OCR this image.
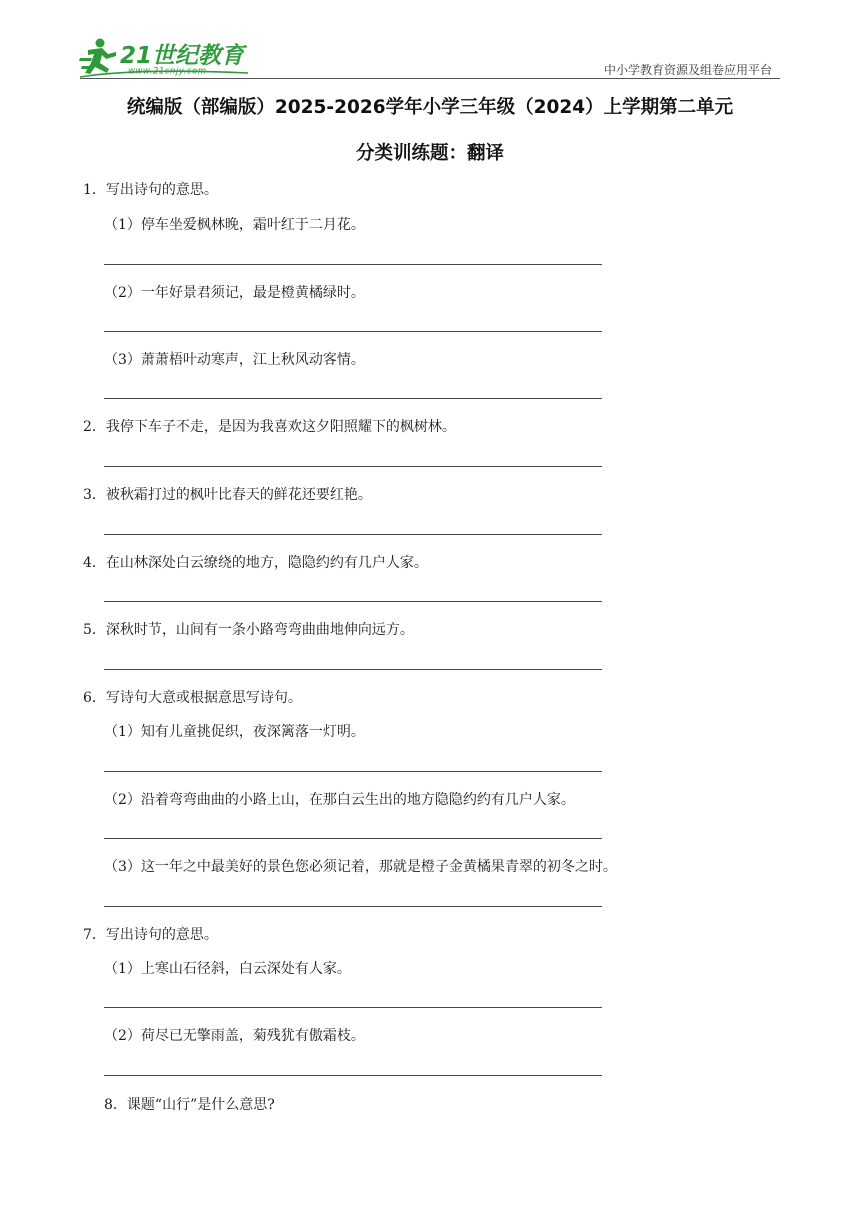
21世纪教育
www.21cnjy.com	中小学教育资源及组卷应用平台
统编版（部编版）2025-2026学年小学三年级（2024）上学期第二单元
分类训练题：翻译
1．写出诗句的意思。
（1）停车坐爱枫林晚，霜叶红于二月花。
（2）一年好景君须记，最是橙黄橘绿时。
（3）萧萧梧叶动寒声，江上秋风动客情。
2．我停下车子不走，是因为我喜欢这夕阳照耀下的枫树林。
3．被秋霜打过的枫叶比春天的鲜花还要红艳。
4．在山林深处白云缭绕的地方，隐隐约约有几户人家。
5．深秋时节，山间有一条小路弯弯曲曲地伸向远方。
6．写诗句大意或根据意思写诗句。
（1）知有儿童挑促织，夜深篱落一灯明。
（2）沿着弯弯曲曲的小路上山，在那白云生出的地方隐隐约约有几户人家。
（3）这一年之中最美好的景色您必须记着，那就是橙子金黄橘果青翠的初冬之时。
7．写出诗句的意思。
（1）上寒山石径斜，白云深处有人家。
（2）荷尽已无擎雨盖，菊残犹有傲霜枝。
8．课题“山行”是什么意思?
